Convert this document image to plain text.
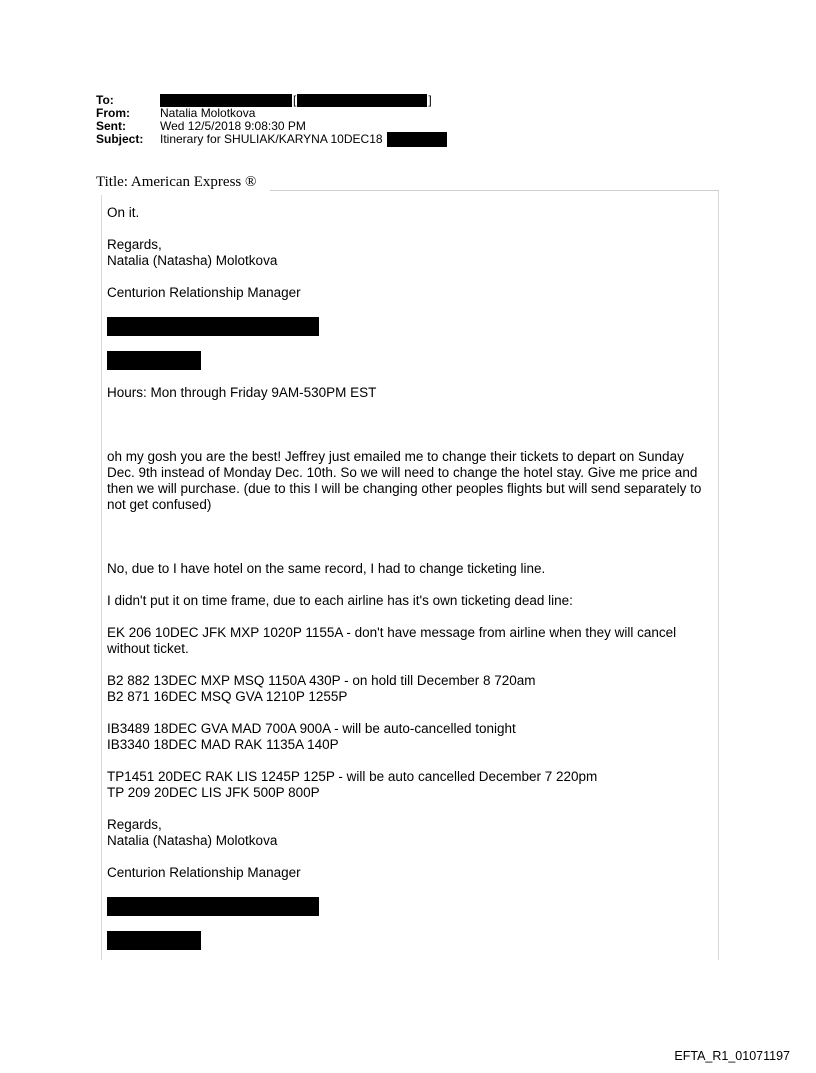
To:	[	]
From:	Natalia Molotkova
Sent:	Wed 12/5/2018 9:08:30 PM
Subject:	Itinerary for SHULIAK/KARYNA 10DEC18
Title: American Express ®

On it.

Regards,
Natalia (Natasha) Molotkova

Centurion Relationship Manager

Hours: Mon through Friday 9AM-530PM EST

oh my gosh you are the best! Jeffrey just emailed me to change their tickets to depart on Sunday Dec. 9th instead of Monday Dec. 10th. So we will need to change the hotel stay. Give me price and then we will purchase. (due to this I will be changing other peoples flights but will send separately to not get confused)

No, due to I have hotel on the same record, I had to change ticketing line.

I didn't put it on time frame, due to each airline has it's own ticketing dead line:

EK 206 10DEC JFK MXP 1020P 1155A - don't have message from airline when they will cancel without ticket.

B2 882 13DEC MXP MSQ 1150A 430P - on hold till December 8 720am
B2 871 16DEC MSQ GVA 1210P 1255P

IB3489 18DEC GVA MAD 700A 900A - will be auto-cancelled tonight
IB3340 18DEC MAD RAK 1135A 140P

TP1451 20DEC RAK LIS 1245P 125P - will be auto cancelled December 7 220pm
TP 209 20DEC LIS JFK 500P 800P

Regards,
Natalia (Natasha) Molotkova

Centurion Relationship Manager

EFTA_R1_01071197
